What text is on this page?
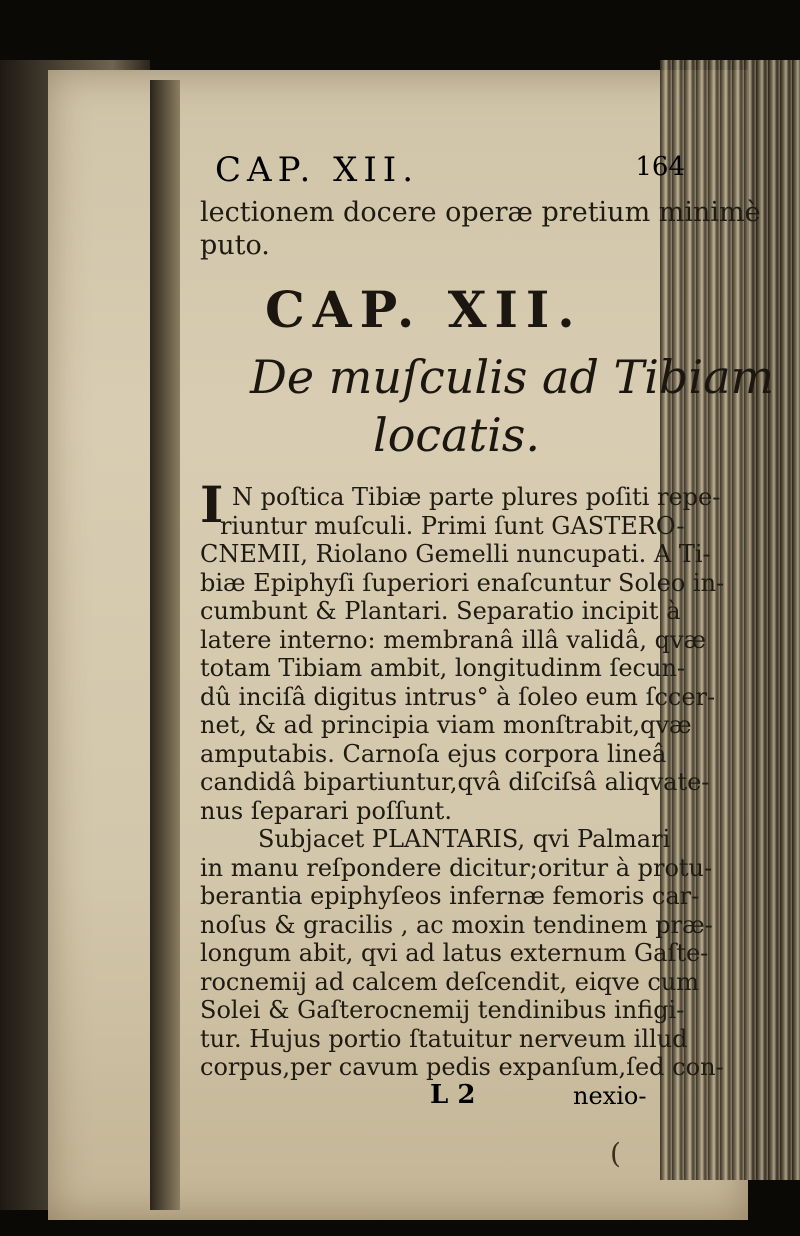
CAP. XII.	164
lectionem docere operæ pretium minimè
puto.
CAP. XII.
De muſculis ad Tibiam
locatis.
I N poſtica Tibiæ parte plures poſiti repe-
riuntur muſculi. Primi ſunt GASTERO-
CNEMII, Riolano Gemelli nuncupati. A Ti-
biæ Epiphyſi ſuperiori enaſcuntur Soleo in-
cumbunt & Plantari. Separatio incipit à
latere interno: membranâ illâ validâ, qvæ
totam Tibiam ambit, longitudinm ſecun-
dû inciſâ digitus intrus° à ſoleo eum ſccer-
net, & ad principia viam monſtrabit,qvæ
amputabis. Carnoſa ejus corpora lineâ
candidâ bipartiuntur,qvâ diſciſsâ aliqvate-
nus ſeparari poſſunt.
Subjacet PLANTARIS, qvi Palmari
in manu reſpondere dicitur;oritur à protu-
berantia epiphyſeos infernæ femoris car-
noſus & gracilis , ac moxin tendinem præ-
longum abit, qvi ad latus externum Gaſte-
rocnemij ad calcem deſcendit, eiqve cum
Solei & Gaſterocnemij tendinibus infigi-
tur. Hujus portio ſtatuitur nerveum illud
corpus,per cavum pedis expanſum,ſed con-
L 2	nexio-
(
